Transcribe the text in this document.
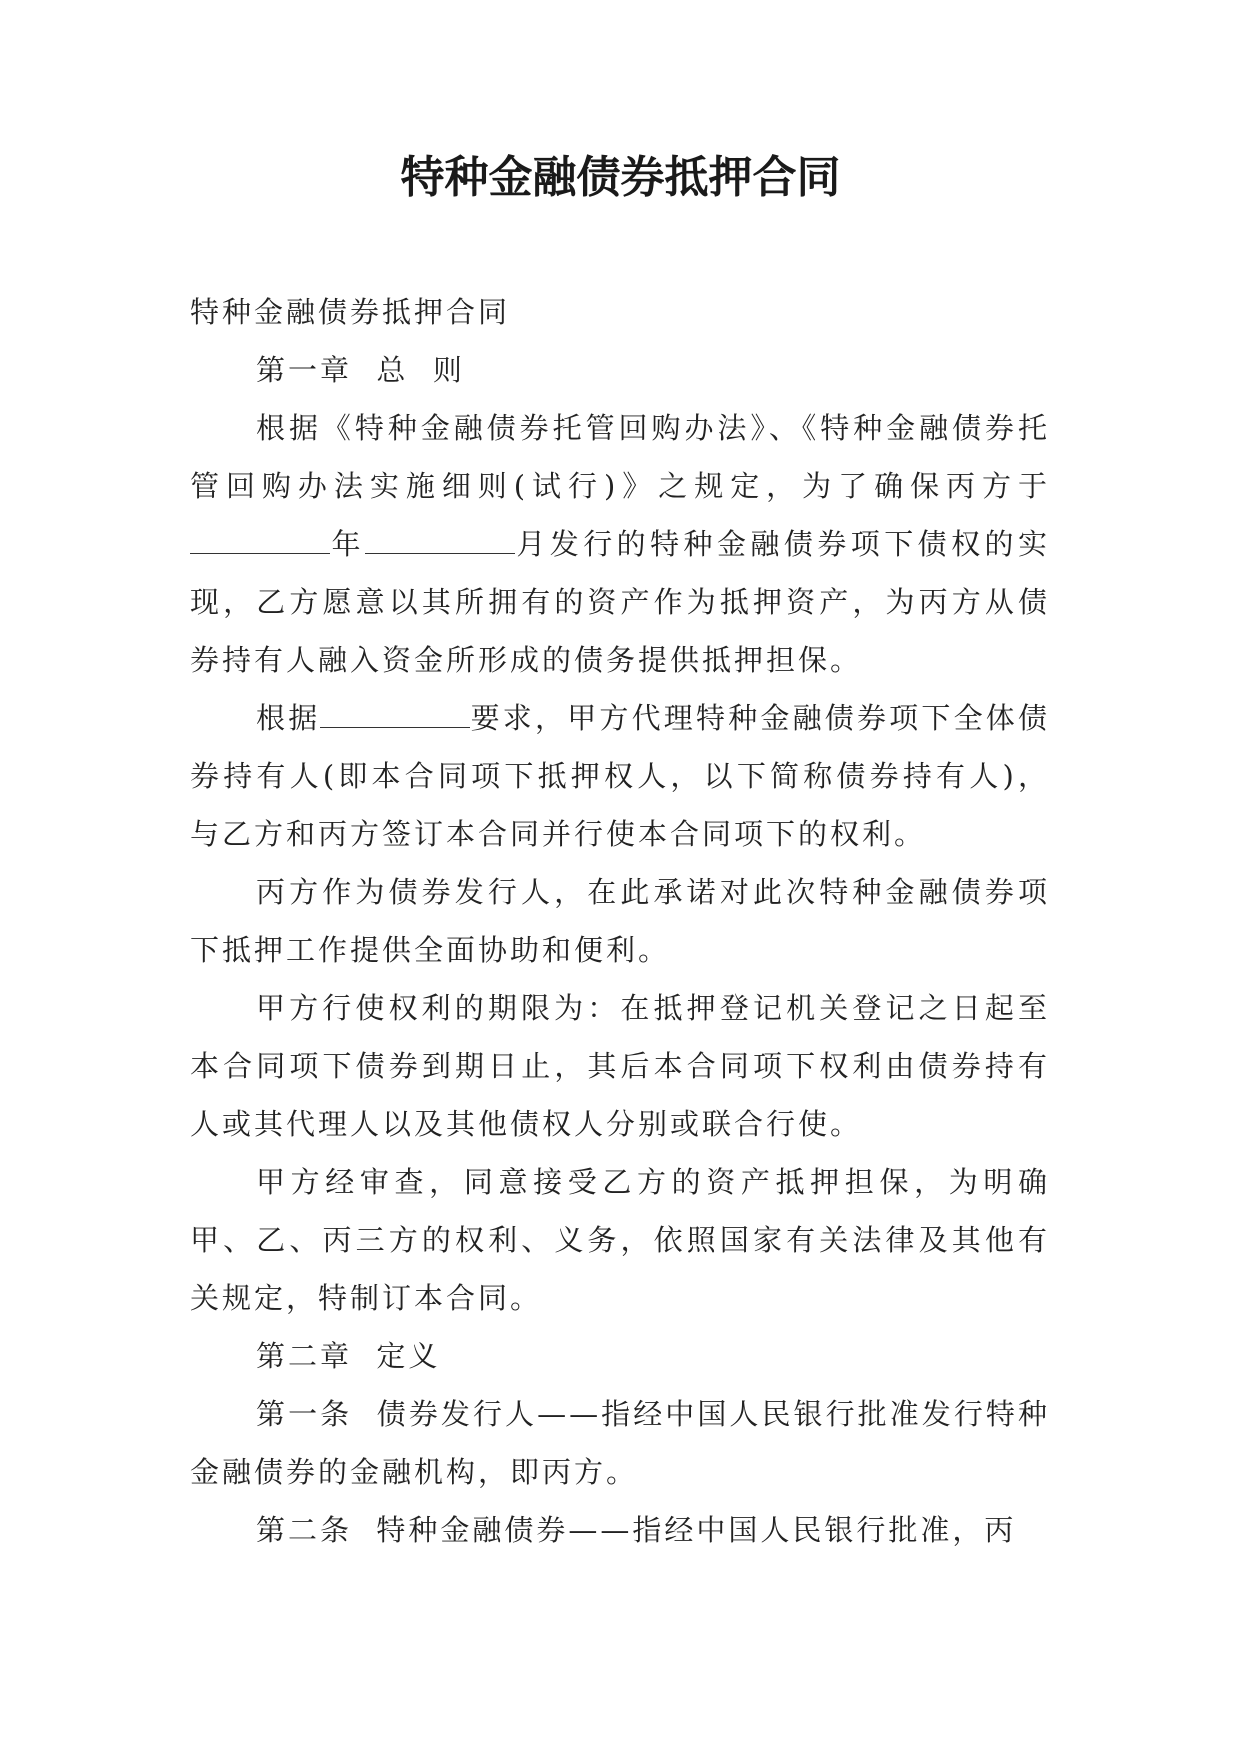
特种金融债券抵押合同

特种金融债券抵押合同

第一章  总  则

根据《特种金融债券托管回购办法》、《特种金融债券托管回购办法实施细则(试行)》之规定，为了确保丙方于年	月发行的特种金融债券项下债权的实现，乙方愿意以其所拥有的资产作为抵押资产，为丙方从债券持有人融入资金所形成的债务提供抵押担保。

根据	要求，甲方代理特种金融债券项下全体债券持有人(即本合同项下抵押权人，以下简称债券持有人)，与乙方和丙方签订本合同并行使本合同项下的权利。

丙方作为债券发行人，在此承诺对此次特种金融债券项下抵押工作提供全面协助和便利。

甲方行使权利的期限为：在抵押登记机关登记之日起至本合同项下债券到期日止，其后本合同项下权利由债券持有人或其代理人以及其他债权人分别或联合行使。

甲方经审查，同意接受乙方的资产抵押担保，为明确甲、乙、丙三方的权利、义务，依照国家有关法律及其他有关规定，特制订本合同。

第二章  定义

第一条  债券发行人——指经中国人民银行批准发行特种金融债券的金融机构，即丙方。

第二条  特种金融债券——指经中国人民银行批准，丙
